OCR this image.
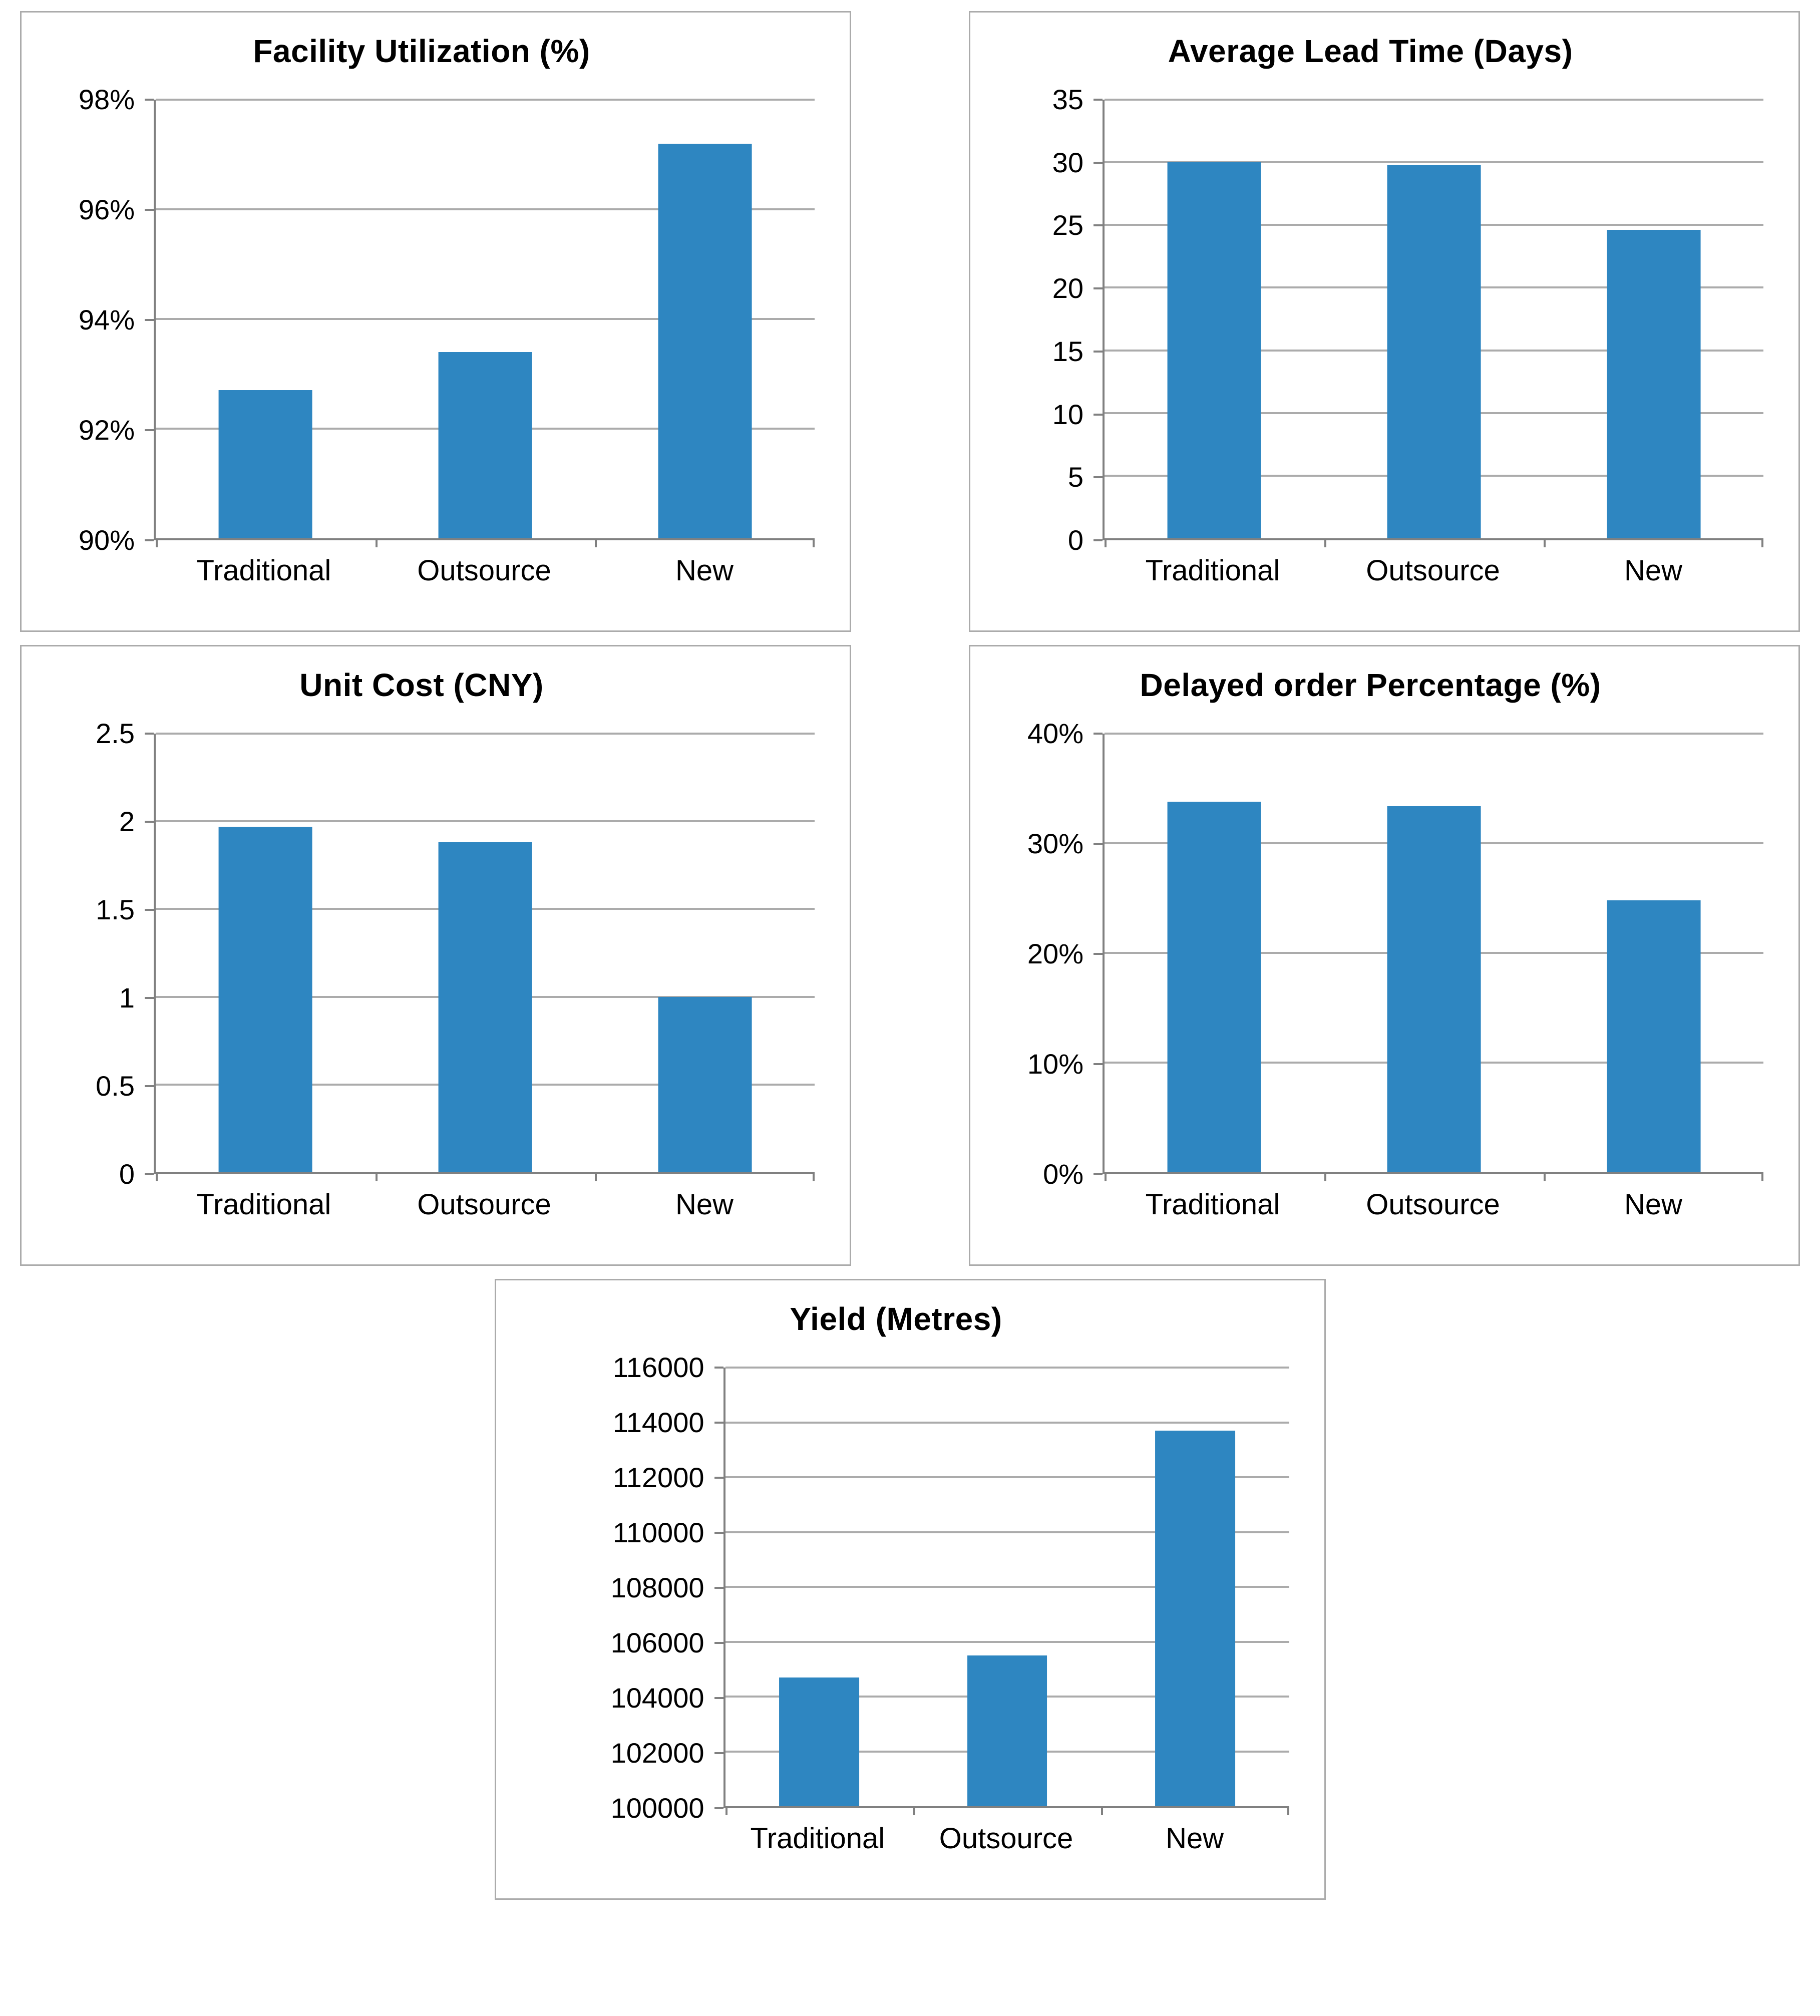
Facility Utilization (%)
90%
92%
94%
96%
98%
Traditional	Outsource	New
Average Lead Time (Days)
0
5
10
15
20
25
30
35
Traditional	Outsource	New
Unit Cost (CNY)
0
0.5
1
1.5
2
2.5
Traditional	Outsource	New
Delayed order Percentage (%)
0%
10%
20%
30%
40%
Traditional	Outsource	New
Yield (Metres)
100000
102000
104000
106000
108000
110000
112000
114000
116000
Traditional Outsource	New
